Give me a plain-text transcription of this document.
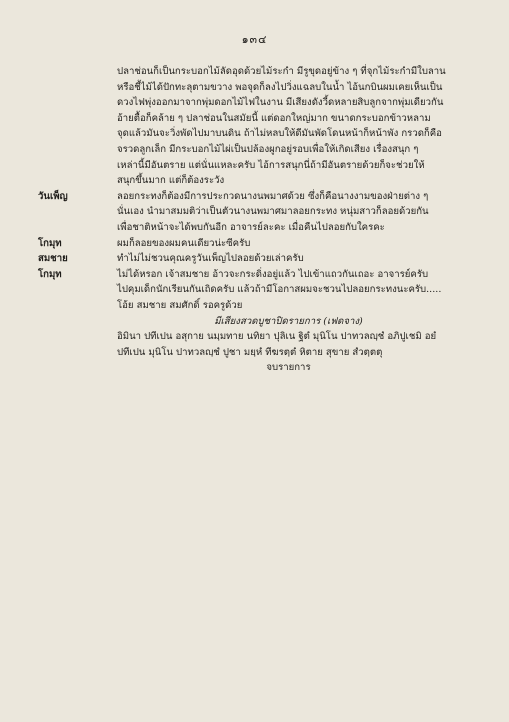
๑๓๔
ปลาช่อนก็เป็นกระบอกไม้ลัดอุดด้วยไม้ระกำ มีรูขุดอยู่ข้าง ๆ ที่จุกไม้ระกำมีใบลาน
หรือชี้ไม้ได้ปักทะลุตามขวาง พอจุดก็ลงไปวิ่งแฉลบในน้ำ ไอ้นกบินผมเคยเห็นเป็น
ดวงไฟพุ่งออกมาจากพุ่มดอกไม้ไฟในงาน มีเสียงดังวี้ดหลายสิบลูกจากพุ่มเดียวกัน
อ้ายตื้อก็คล้าย ๆ ปลาช่อนในสมัยนี้ แต่ดอกใหญ่มาก ขนาดกระบอกข้าวหลาม
จุดแล้วมันจะวิ่งพัดไปมาบนดิน ถ้าไม่หลบให้ดีมันพัดโดนหน้าก็หน้าพัง กรวดก็คือ
จรวดลูกเล็ก มีกระบอกไม้ไผ่เป็นปล้องผูกอยู่รอบเพื่อให้เกิดเสียง เรื่องสนุก ๆ
เหล่านี้มีอันตราย แต่นั่นแหละครับ ไอ้การสนุกนี่ถ้ามีอันตรายด้วยก็จะช่วยให้
สนุกขึ้นมาก แต่ก็ต้องระวัง
วันเพ็ญ	ลอยกระทงก็ต้องมีการประกวดนางนพมาศด้วย ซึ่งก็คือนางงามของฝ่ายต่าง ๆ
นั่นเอง นำมาสมมติว่าเป็นตัวนางนพมาศมาลอยกระทง หนุ่มสาวก็ลอยด้วยกัน
เพื่อชาติหน้าจะได้พบกันอีก อาจารย์ละคะ เมื่อคืนไปลอยกับใครคะ
โกมุท	ผมก็ลอยของผมคนเดียวน่ะซีครับ
สมชาย	ทำไม่ไม่ชวนคุณครูวันเพ็ญไปลอยด้วยเล่าครับ
โกมุท	ไม่ได้หรอก เจ้าสมชาย อ้าวจะกระดิ่งอยู่แล้ว ไปเข้าแถวกันเถอะ อาจารย์ครับ
ไปคุมเด็กนักเรียนกันเถิดครับ แล้วถ้ามีโอกาสผมจะชวนไปลอยกระทงนะครับ.....
โอ้ย สมชาย สมศักดิ์ รอครูด้วย
มีเสียงสวดบูชาปิดรายการ (เฟดจาง)
อิมินา ปทีเปน อสุกาย นมฺมทาย นทิยา ปุลิเน ฐิตํ มุนิโน ปาทวลญฺชํ อภิปูเชมิ อยํ
ปทีเปน มุนิโน ปาทวลญฺชํ ปูชา มยฺหํ ทีฆรตฺตํ หิตาย สุขาย สํวตฺตตุ
จบรายการ
